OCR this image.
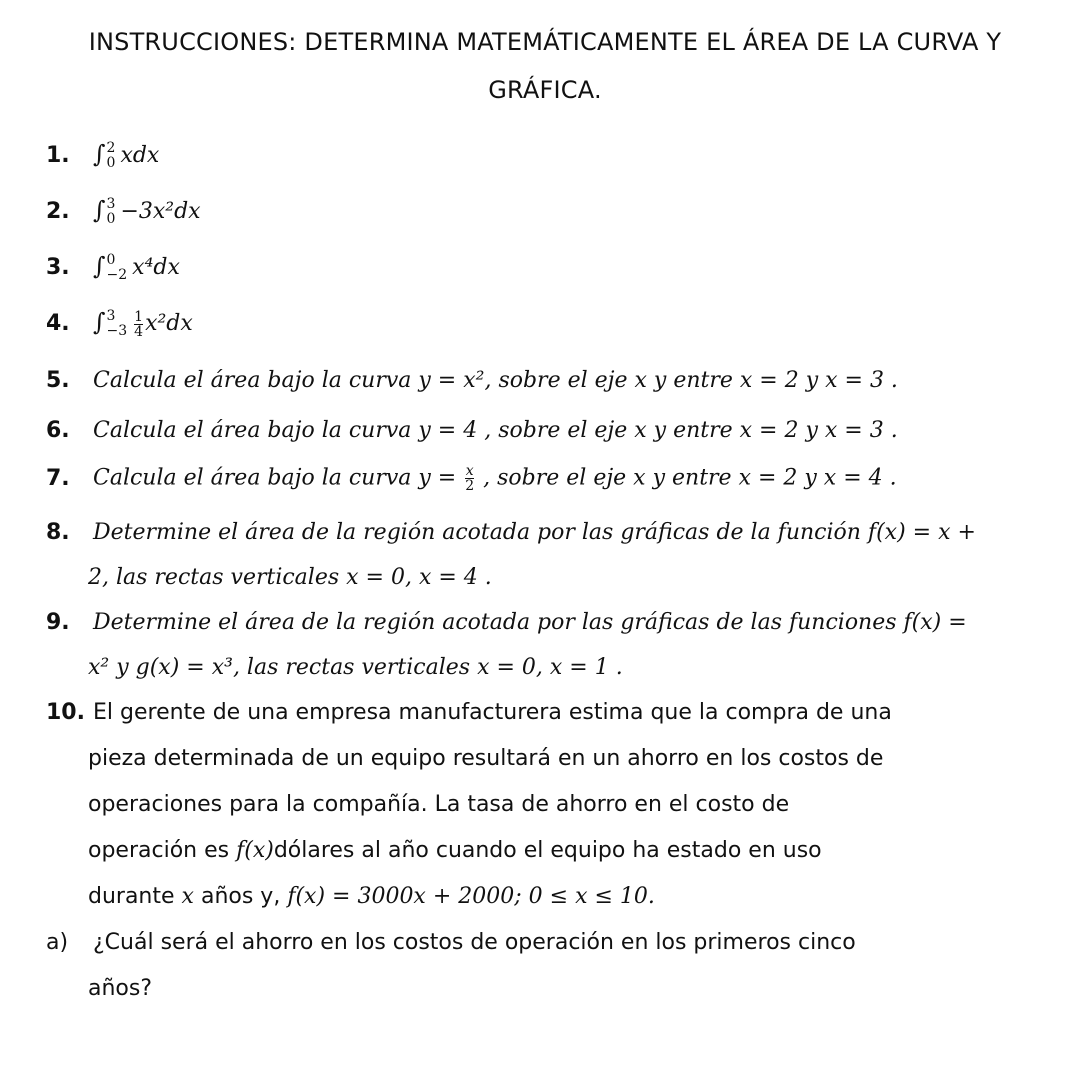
INSTRUCCIONES: DETERMINA MATEMÁTICAMENTE EL ÁREA DE LA CURVA Y
GRÁFICA.
1. ∫ 2
0 xdx
2. ∫ 3
0 −3x²dx
3. ∫ 0
−2 x⁴dx
4. ∫ 3
$-3 \frac{1}{4} x^2dx$
5. Calcula el área bajo la curva y = x², sobre el eje x y entre x = 2 y x = 3 .
6. Calcula el área bajo la curva y = 4 , sobre el eje x y entre x = 2 y x = 3 .
7. Calcula el área bajo la curva $y = \frac{x}{2}$ , sobre el eje x y entre x = 2 y x = 4 .
8. Determine el área de la región acotada por las gráficas de la función f(x) = x +
2, las rectas verticales x = 0, x = 4 .
9. Determine el área de la región acotada por las gráficas de las funciones f(x) =
x² y g(x) = x³, las rectas verticales x = 0, x = 1 .
10. El gerente de una empresa manufacturera estima que la compra de una
pieza determinada de un equipo resultará en un ahorro en los costos de
operaciones para la compañía. La tasa de ahorro en el costo de
operación es f(x)dólares al año cuando el equipo ha estado en uso
durante x años y, f(x) = 3000x + 2000; 0 ≤ x ≤ 10.
a) ¿Cuál será el ahorro en los costos de operación en los primeros cinco
años?
